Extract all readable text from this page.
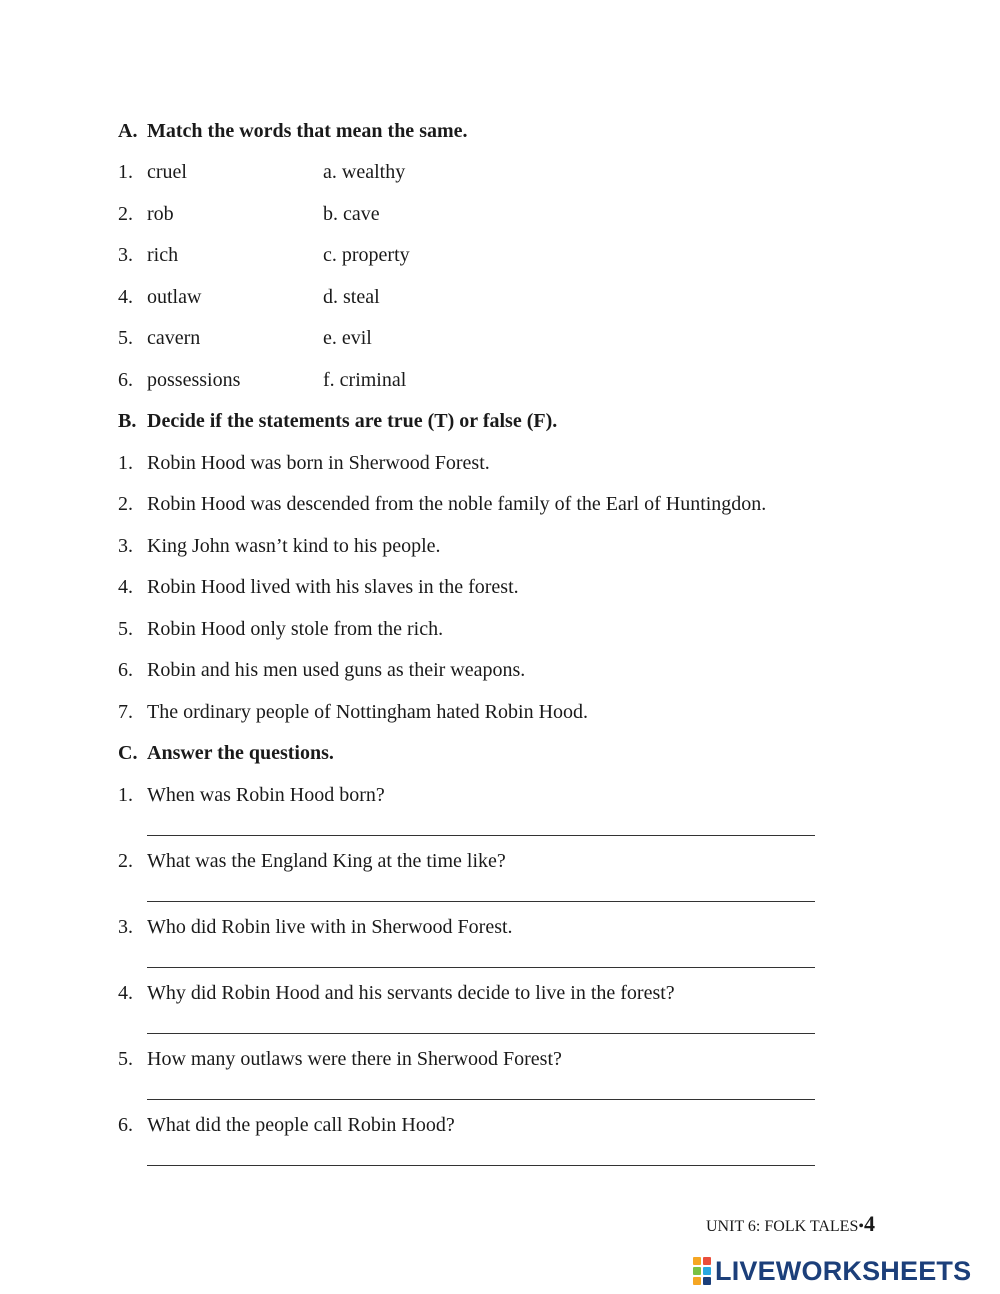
A. Match the words that mean the same.
1. cruel	a. wealthy
2. rob	b. cave
3. rich	c. property
4. outlaw	d. steal
5. cavern	e. evil
6. possessions	f. criminal
B. Decide if the statements are true (T) or false (F).
1. Robin Hood was born in Sherwood Forest.
2. Robin Hood was descended from the noble family of the Earl of Huntingdon.
3. King John wasn’t kind to his people.
4. Robin Hood lived with his slaves in the forest.
5. Robin Hood only stole from the rich.
6. Robin and his men used guns as their weapons.
7. The ordinary people of Nottingham hated Robin Hood.
C. Answer the questions.
1. When was Robin Hood born?
2. What was the England King at the time like?
3. Who did Robin live with in Sherwood Forest.
4. Why did Robin Hood and his servants decide to live in the forest?
5. How many outlaws were there in Sherwood Forest?
6. What did the people call Robin Hood?
UNIT 6: FOLK TALES•4
LIVEWORKSHEETS
